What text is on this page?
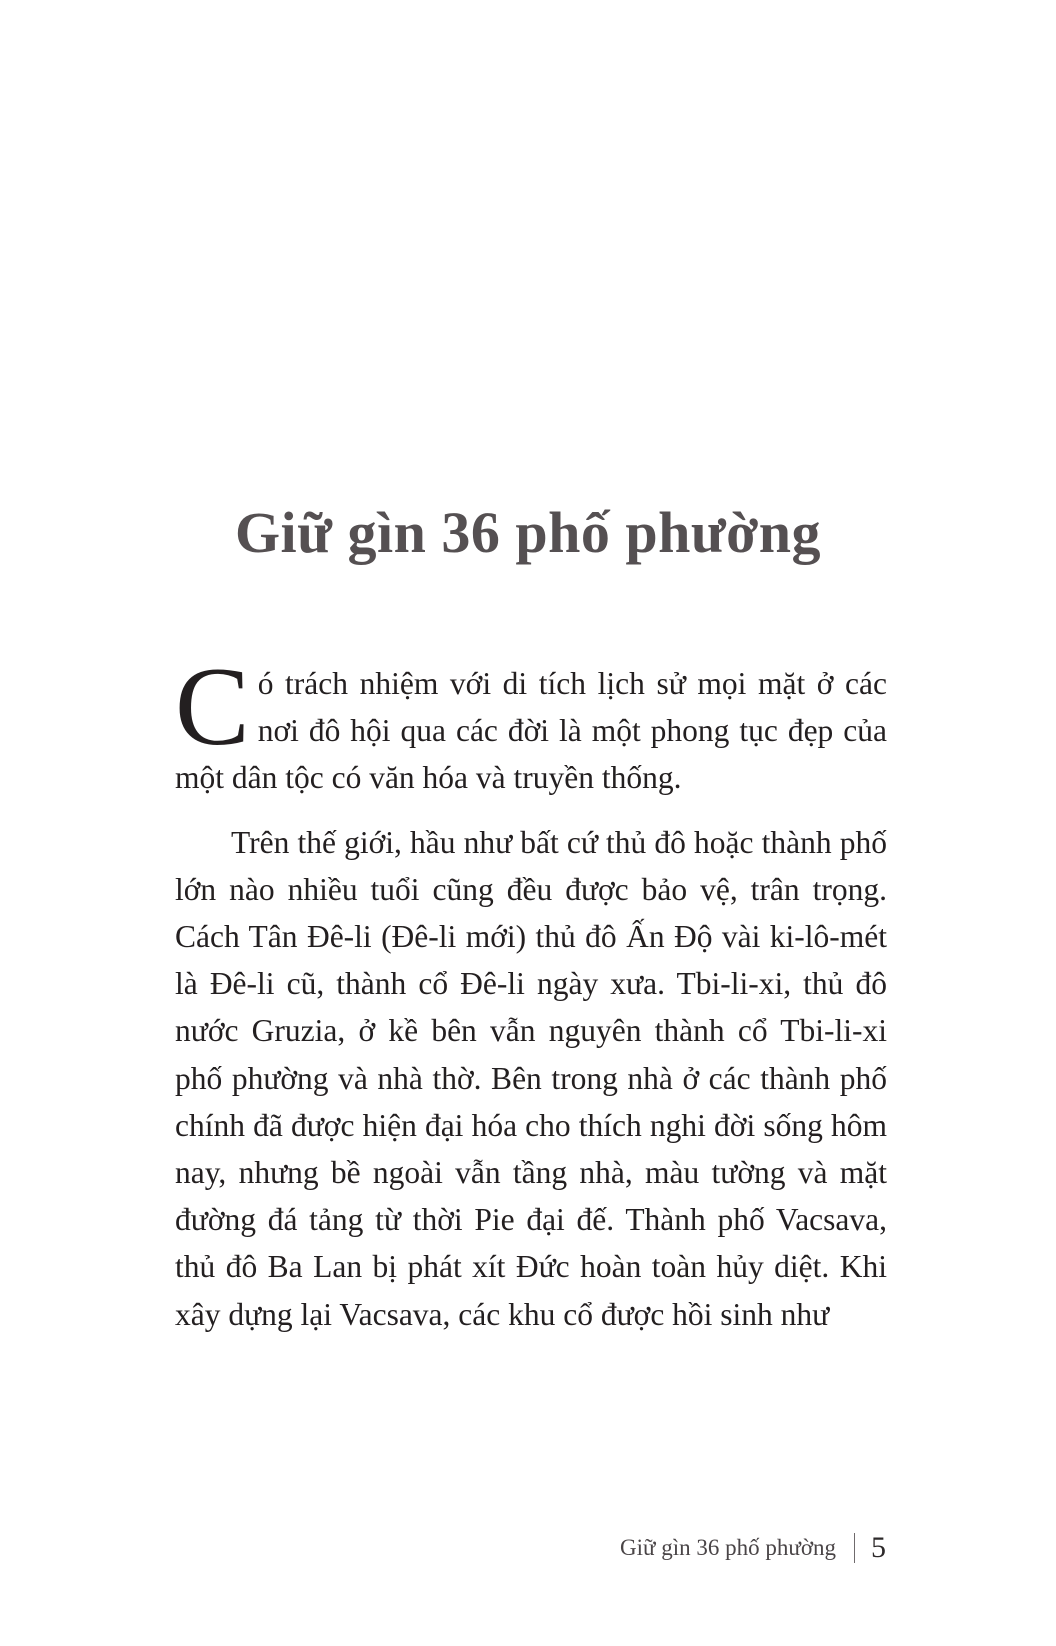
Giữ gìn 36 phố phường

Có trách nhiệm với di tích lịch sử mọi mặt ở các nơi đô hội qua các đời là một phong tục đẹp của một dân tộc có văn hóa và truyền thống.

Trên thế giới, hầu như bất cứ thủ đô hoặc thành phố lớn nào nhiều tuổi cũng đều được bảo vệ, trân trọng. Cách Tân Đê-li (Đê-li mới) thủ đô Ấn Độ vài ki-lô-mét là Đê-li cũ, thành cổ Đê-li ngày xưa. Tbi-li-xi, thủ đô nước Gruzia, ở kề bên vẫn nguyên thành cổ Tbi-li-xi phố phường và nhà thờ. Bên trong nhà ở các thành phố chính đã được hiện đại hóa cho thích nghi đời sống hôm nay, nhưng bề ngoài vẫn tầng nhà, màu tường và mặt đường đá tảng từ thời Pie đại đế. Thành phố Vacsava, thủ đô Ba Lan bị phát xít Đức hoàn toàn hủy diệt. Khi xây dựng lại Vacsava, các khu cổ được hồi sinh như

Giữ gìn 36 phố phường 5
